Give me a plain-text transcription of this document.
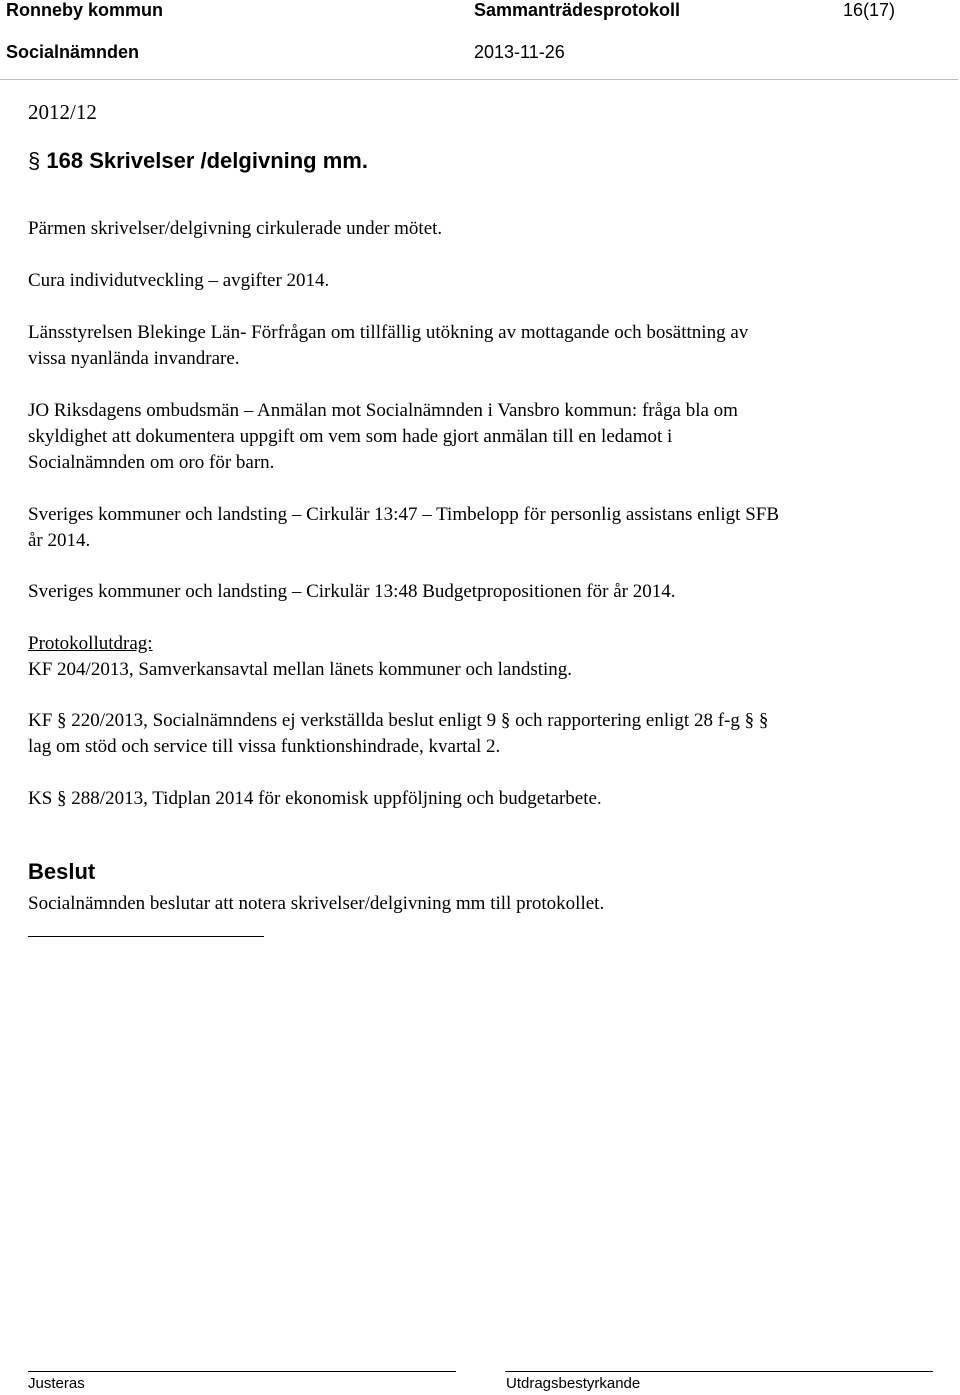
Ronneby kommun	Sammanträdesprotokoll	16(17)
Socialnämnden	2013-11-26
2012/12
§ 168 Skrivelser /delgivning mm.
Pärmen skrivelser/delgivning cirkulerade under mötet.
Cura individutveckling – avgifter 2014.
Länsstyrelsen Blekinge Län- Förfrågan om tillfällig utökning av mottagande och bosättning av
vissa nyanlända invandrare.
JO Riksdagens ombudsmän – Anmälan mot Socialnämnden i Vansbro kommun: fråga bla om
skyldighet att dokumentera uppgift om vem som hade gjort anmälan till en ledamot i
Socialnämnden om oro för barn.
Sveriges kommuner och landsting – Cirkulär 13:47 – Timbelopp för personlig assistans enligt SFB
år 2014.
Sveriges kommuner och landsting – Cirkulär 13:48 Budgetpropositionen för år 2014.
Protokollutdrag:
KF 204/2013, Samverkansavtal mellan länets kommuner och landsting.
KF § 220/2013, Socialnämndens ej verkställda beslut enligt 9 § och rapportering enligt 28 f-g § §
lag om stöd och service till vissa funktionshindrade, kvartal 2.
KS § 288/2013, Tidplan 2014 för ekonomisk uppföljning och budgetarbete.
Beslut
Socialnämnden beslutar att notera skrivelser/delgivning mm till protokollet.
Justeras	Utdragsbestyrkande
